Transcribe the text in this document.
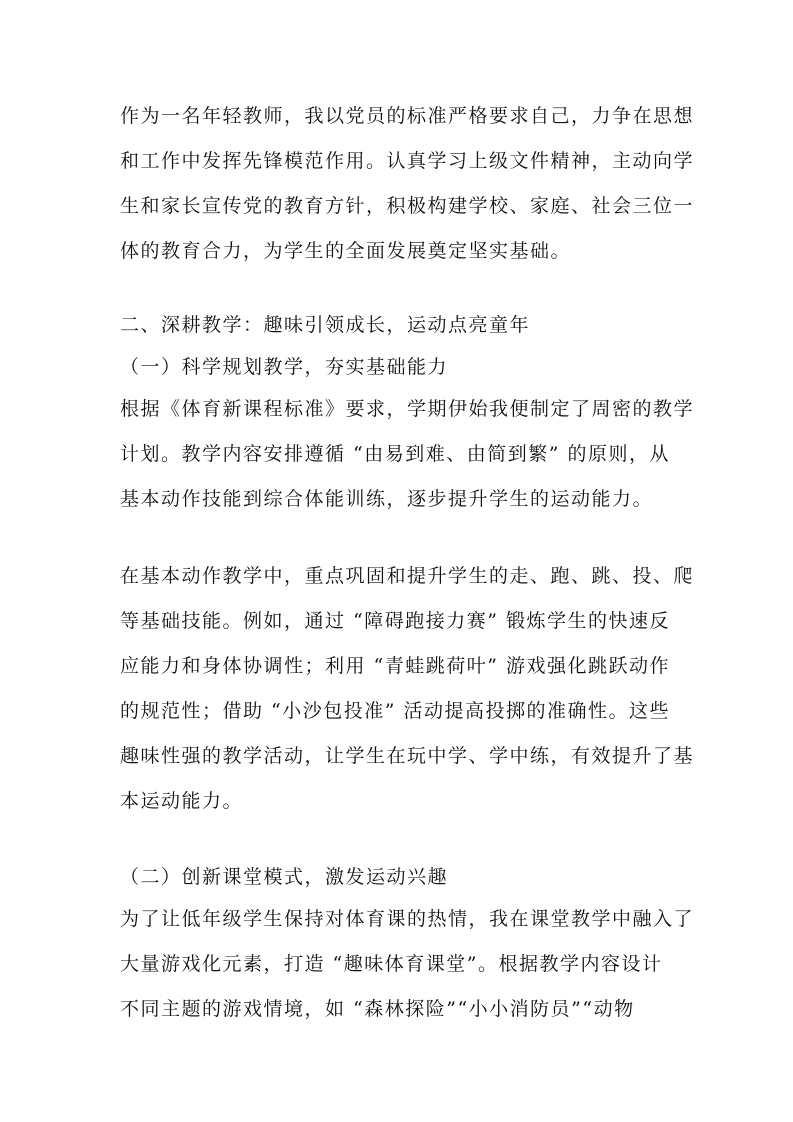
作为一名年轻教师，我以党员的标准严格要求自己，力争在思想
和工作中发挥先锋模范作用。认真学习上级文件精神，主动向学
生和家长宣传党的教育方针，积极构建学校、家庭、社会三位一
体的教育合力，为学生的全面发展奠定坚实基础。
二、深耕教学：趣味引领成长，运动点亮童年
（一）科学规划教学，夯实基础能力
根据《体育新课程标准》要求，学期伊始我便制定了周密的教学
计划。教学内容安排遵循 “由易到难、由简到繁” 的原则，从
基本动作技能到综合体能训练，逐步提升学生的运动能力。
在基本动作教学中，重点巩固和提升学生的走、跑、跳、投、爬
等基础技能。例如，通过 “障碍跑接力赛” 锻炼学生的快速反
应能力和身体协调性；利用 “青蛙跳荷叶” 游戏强化跳跃动作
的规范性；借助 “小沙包投准” 活动提高投掷的准确性。这些
趣味性强的教学活动，让学生在玩中学、学中练，有效提升了基
本运动能力。
（二）创新课堂模式，激发运动兴趣
为了让低年级学生保持对体育课的热情，我在课堂教学中融入了
大量游戏化元素，打造 “趣味体育课堂”。根据教学内容设计
不同主题的游戏情境，如 “森林探险”“小小消防员”“动物
